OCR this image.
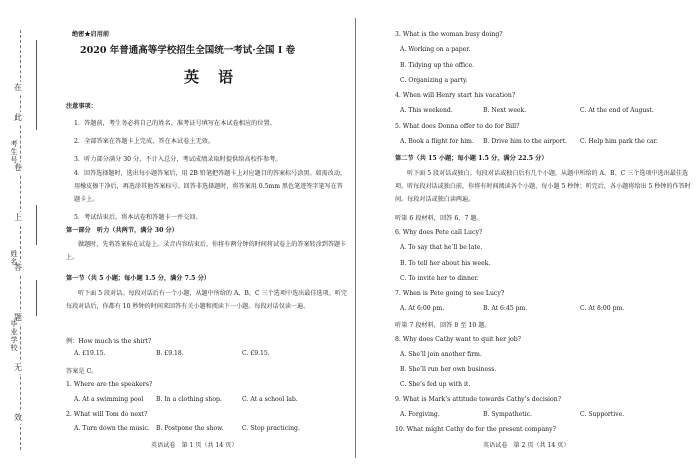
在
此
卷
上
答
题
无
效
考生号
姓名
毕业学校
绝密★启用前
2020 年普通高等学校招生全国统一考试·全国 I 卷
英　语
注意事项：
1．答题前，考生务必将自己的姓名、准考证号填写在本试卷相应的位置。
2．全部答案在答题卡上完成，答在本试卷上无效。
3．听力部分满分 30 分，不计入总分，考试成绩录取时提供给高校作参考。
4．回答选择题时，选出每小题答案后，用 2B 铅笔把答题卡上对应题目的答案标号涂黑。如需改动，用橡皮擦干净后，再选涂其他答案标号。回答非选择题时，将答案用 0.5mm 黑色笔迹签字笔写在答题卡上。
5．考试结束后，将本试卷和答题卡一并交回。
第一部分　听力（共两节，满分 30 分）
做题时，先将答案标在试卷上。录音内容结束后，你将有两分钟的时间将试卷上的答案转涂到答题卡上。
第一节（共 5 小题；每小题 1.5 分，满分 7.5 分）
听下面 5 段对话。每段对话后有一个小题，从题中所给的 A、B、C 三个选项中选出最佳选项。听完每段对话后，你都有 10 秒钟的时间来回答有关小题和阅读下一小题。每段对话仅读一遍。
例：How much is the shirt?
A. £19.15.	B. £9.18.	C. £9.15.
答案是 C。
1. Where are the speakers?
A. At a swimming pool B. In a clothing shop.	C. At a school lab.
2. What will Tom do next?
A. Turn down the music. B. Postpone the show.	C. Stop practicing.
英语试卷　第 1 页（共 14 页）
3. What is the woman busy doing?
A. Working on a paper.
B. Tidying up the office.
C. Organizing a party.
4. When will Henry start his vacation?
A. This weekend.	B. Next week.	C. At the end of August.
5. What does Donna offer to do for Bill?
A. Book a flight for him. B. Drive him to the airport. C. Help him park the car.
第二节（共 15 小题；每小题 1.5 分，满分 22.5 分）
听下面 5 段对话或独白。每段对话或独白后有几个小题，从题中所给的 A、B、C 三个选项中选出最佳选项。听每段对话或独白前，你将有时间阅读各个小题，每小题 5 秒钟；听完后，各小题将给出 5 秒钟的作答时间。每段对话或独白读两遍。
听第 6 段材料，回答 6、7 题。
6. Why does Pete call Lucy?
A. To say that he’ll be late.
B. To tell her about his week.
C. To invite her to dinner.
7. When is Pete going to see Lucy?
A. At 6:00 pm.	B. At 6:45 pm.	C. At 8:00 pm.
听第 7 段材料，回答 8 至 10 题。
8. Why does Cathy want to quit her job?
A. She’ll join another firm.
B. She’ll run her own business.
C. She’s fed up with it.
9. What is Mark’s attitude towards Cathy’s decision?
A. Forgiving.	B. Sympathetic.	C. Supportive.
10. What might Cathy do for the present company?
英语试卷　第 2 页（共 14 页）
